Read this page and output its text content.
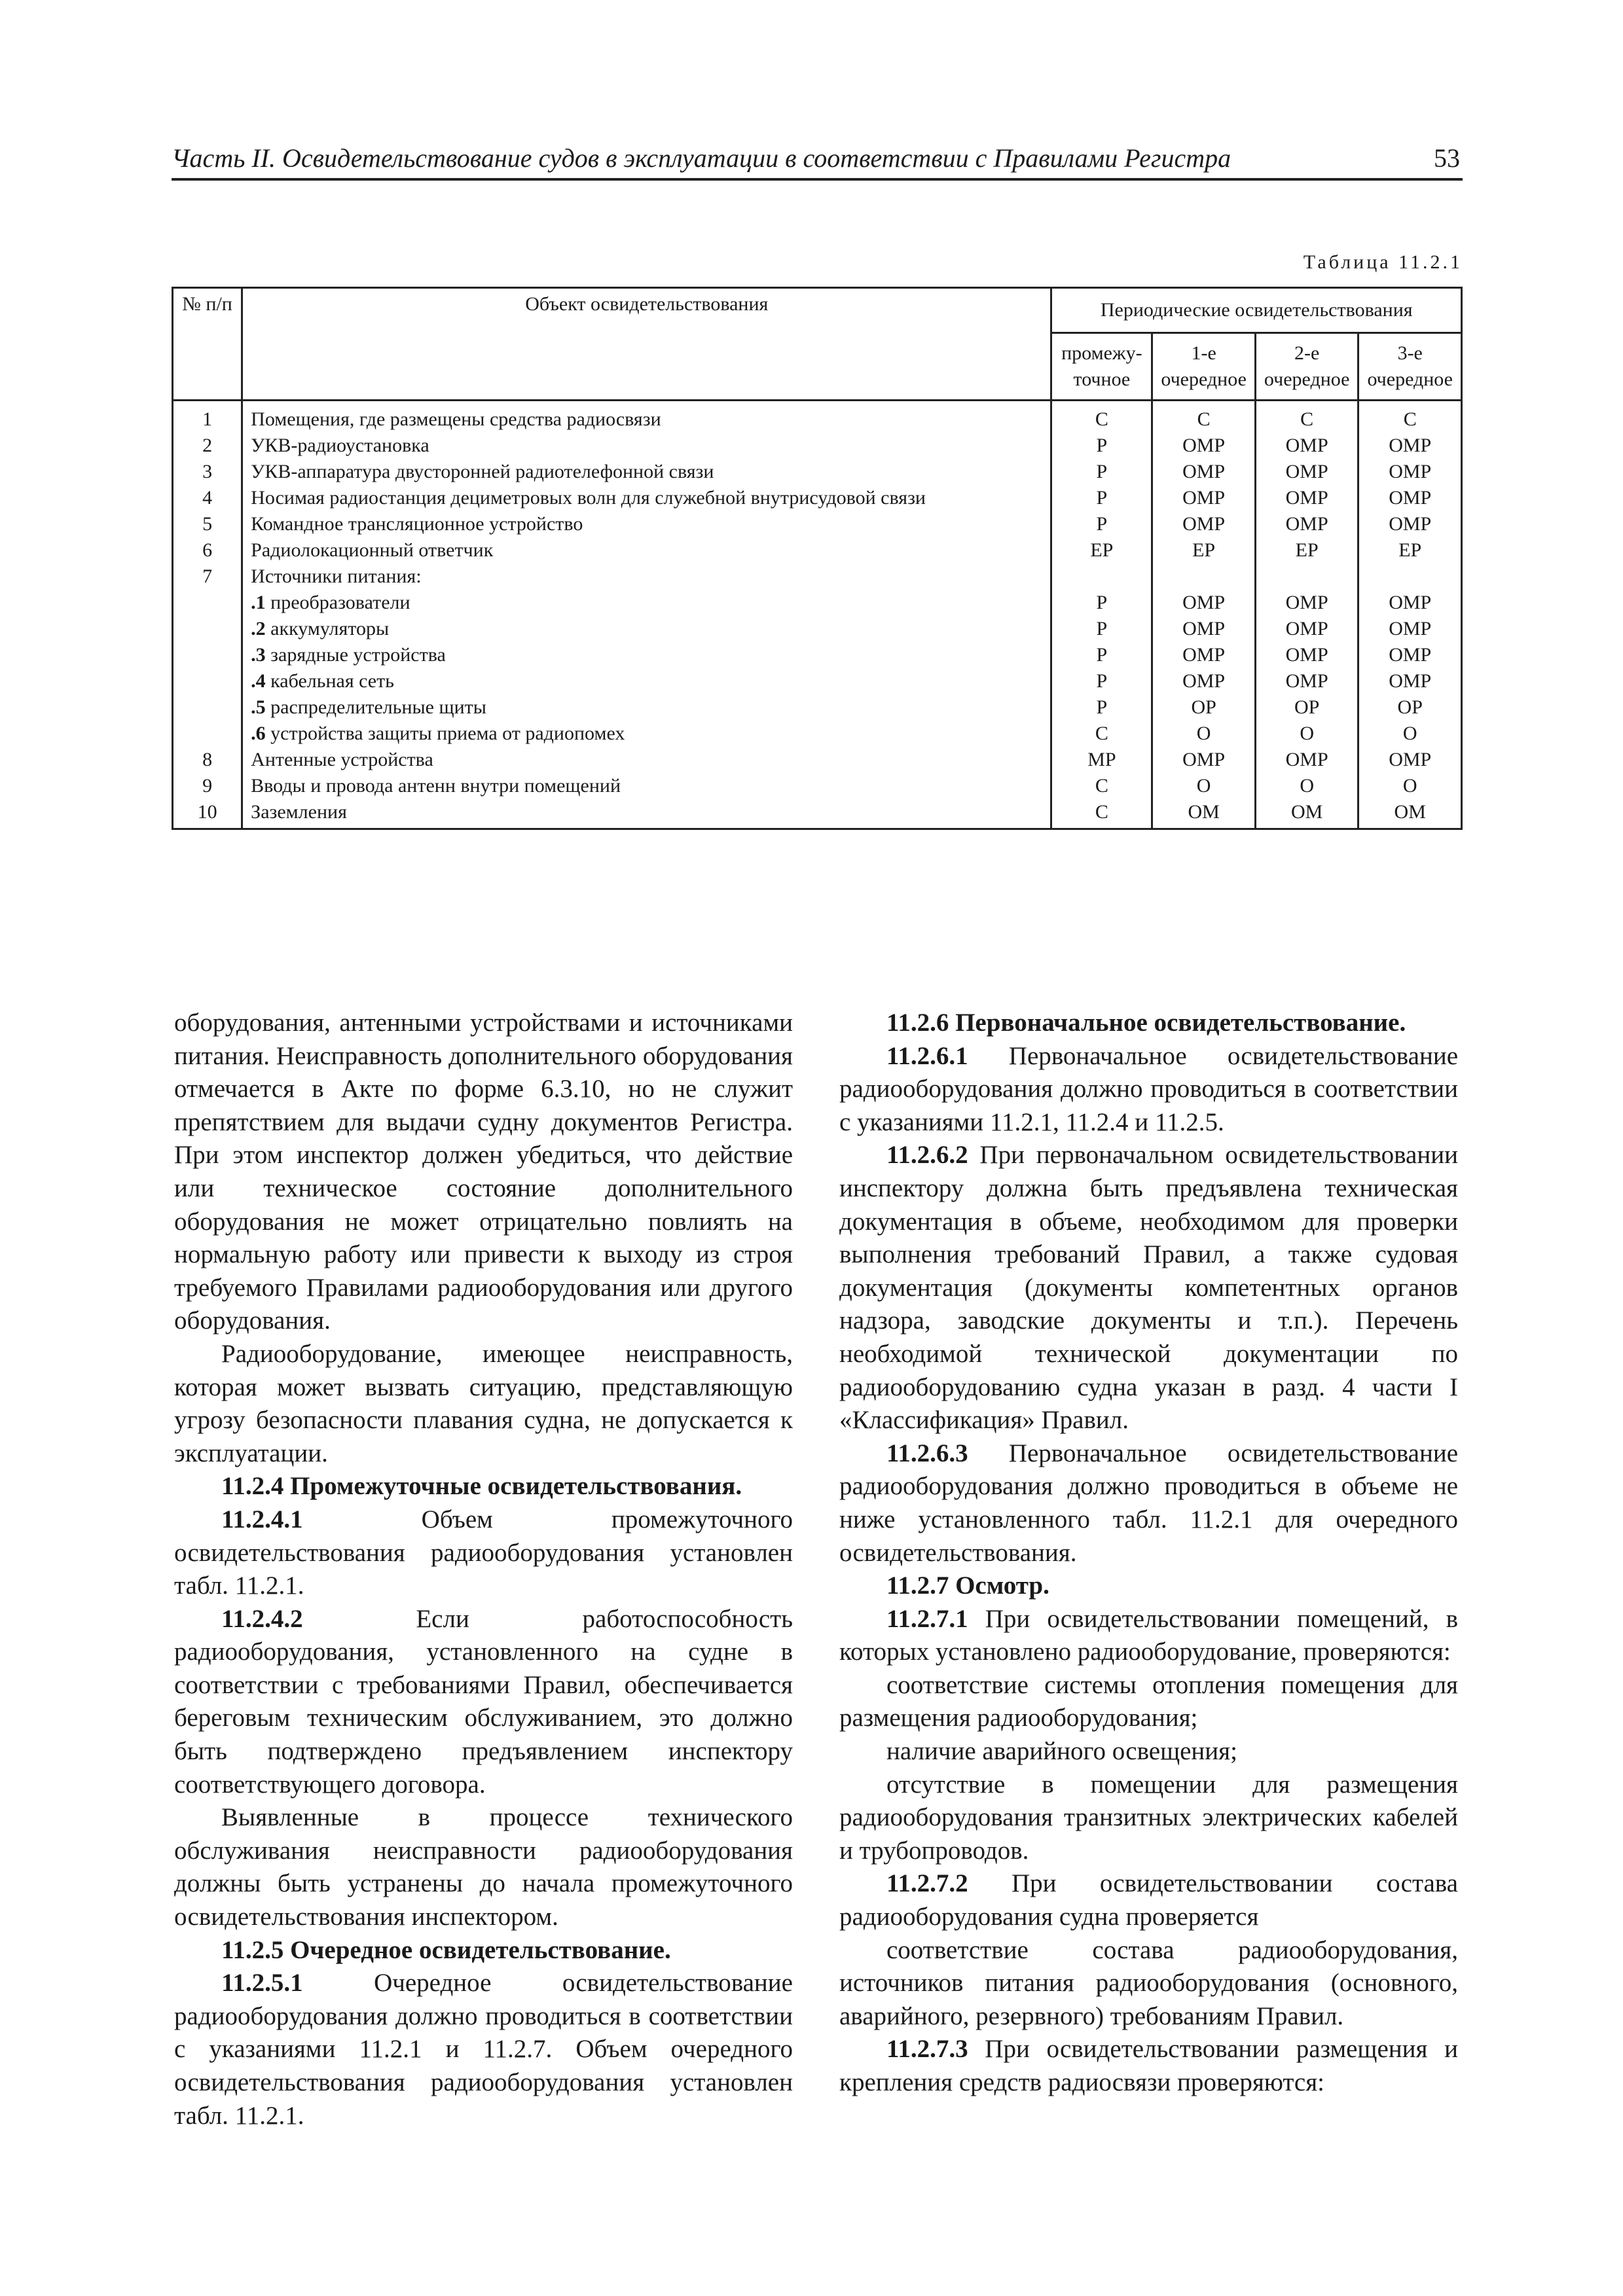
Часть II. Освидетельствование судов в эксплуатации в соответствии с Правилами Регистра	53
Таблица 11.2.1
№ п/п	Объект освидетельствования	Периодические освидетельствования			
		промежу-точное	1-е очередное	2-е очередное	3-е очередное
1	Помещения, где размещены средства радиосвязи	С	С	С	С
2	УКВ-радиоустановка	Р	ОМР	ОМР	ОМР
3	УКВ-аппаратура двусторонней радиотелефонной связи	Р	ОМР	ОМР	ОМР
4	Носимая радиостанция дециметровых волн для служебной внутрисудовой связи	Р	ОМР	ОМР	ОМР
5	Командное трансляционное устройство	Р	ОМР	ОМР	ОМР
6	Радиолокационный ответчик	ЕР	ЕР	ЕР	ЕР
7	Источники питания:				
	.1 преобразователи	Р	ОМР	ОМР	ОМР
	.2 аккумуляторы	Р	ОМР	ОМР	ОМР
	.3 зарядные устройства	Р	ОМР	ОМР	ОМР
	.4 кабельная сеть	Р	ОМР	ОМР	ОМР
	.5 распределительные щиты	Р	ОР	ОР	ОР
	.6 устройства защиты приема от радиопомех	С	О	О	О
8	Антенные устройства	МР	ОМР	ОМР	ОМР
9	Вводы и провода антенн внутри помещений	С	О	О	О
10	Заземления	С	ОМ	ОМ	ОМ

оборудования, антенными устройствами и источниками питания. Неисправность дополнительного оборудования отмечается в Акте по форме 6.3.10, но не служит препятствием для выдачи судну документов Регистра. При этом инспектор должен убедиться, что действие или техническое состояние дополнительного оборудования не может отрицательно повлиять на нормальную работу или привести к выходу из строя требуемого Правилами радиооборудования или другого оборудования.

Радиооборудование, имеющее неисправность, которая может вызвать ситуацию, представляющую угрозу безопасности плавания судна, не допускается к эксплуатации.

11.2.4 Промежуточные освидетельствования.

11.2.4.1 Объем промежуточного освидетельствования радиооборудования установлен табл. 11.2.1.

11.2.4.2 Если работоспособность радиооборудования, установленного на судне в соответствии с требованиями Правил, обеспечивается береговым техническим обслуживанием, это должно быть подтверждено предъявлением инспектору соответствующего договора.

Выявленные в процессе технического обслуживания неисправности радиооборудования должны быть устранены до начала промежуточного освидетельствования инспектором.

11.2.5 Очередное освидетельствование.

11.2.5.1 Очередное освидетельствование радиооборудования должно проводиться в соответствии с указаниями 11.2.1 и 11.2.7. Объем очередного освидетельствования радиооборудования установлен табл. 11.2.1.

11.2.6 Первоначальное освидетельствование.

11.2.6.1 Первоначальное освидетельствование радиооборудования должно проводиться в соответствии с указаниями 11.2.1, 11.2.4 и 11.2.5.

11.2.6.2 При первоначальном освидетельствовании инспектору должна быть предъявлена техническая документация в объеме, необходимом для проверки выполнения требований Правил, а также судовая документация (документы компетентных органов надзора, заводские документы и т.п.). Перечень необходимой технической документации по радиооборудованию судна указан в разд. 4 части I «Классификация» Правил.

11.2.6.3 Первоначальное освидетельствование радиооборудования должно проводиться в объеме не ниже установленного табл. 11.2.1 для очередного освидетельствования.

11.2.7 Осмотр.

11.2.7.1 При освидетельствовании помещений, в которых установлено радиооборудование, проверяются:

соответствие системы отопления помещения для размещения радиооборудования;

наличие аварийного освещения;

отсутствие в помещении для размещения радиооборудования транзитных электрических кабелей и трубопроводов.

11.2.7.2 При освидетельствовании состава радиооборудования судна проверяется

соответствие состава радиооборудования, источников питания радиооборудования (основного, аварийного, резервного) требованиям Правил.

11.2.7.3 При освидетельствовании размещения и крепления средств радиосвязи проверяются:
